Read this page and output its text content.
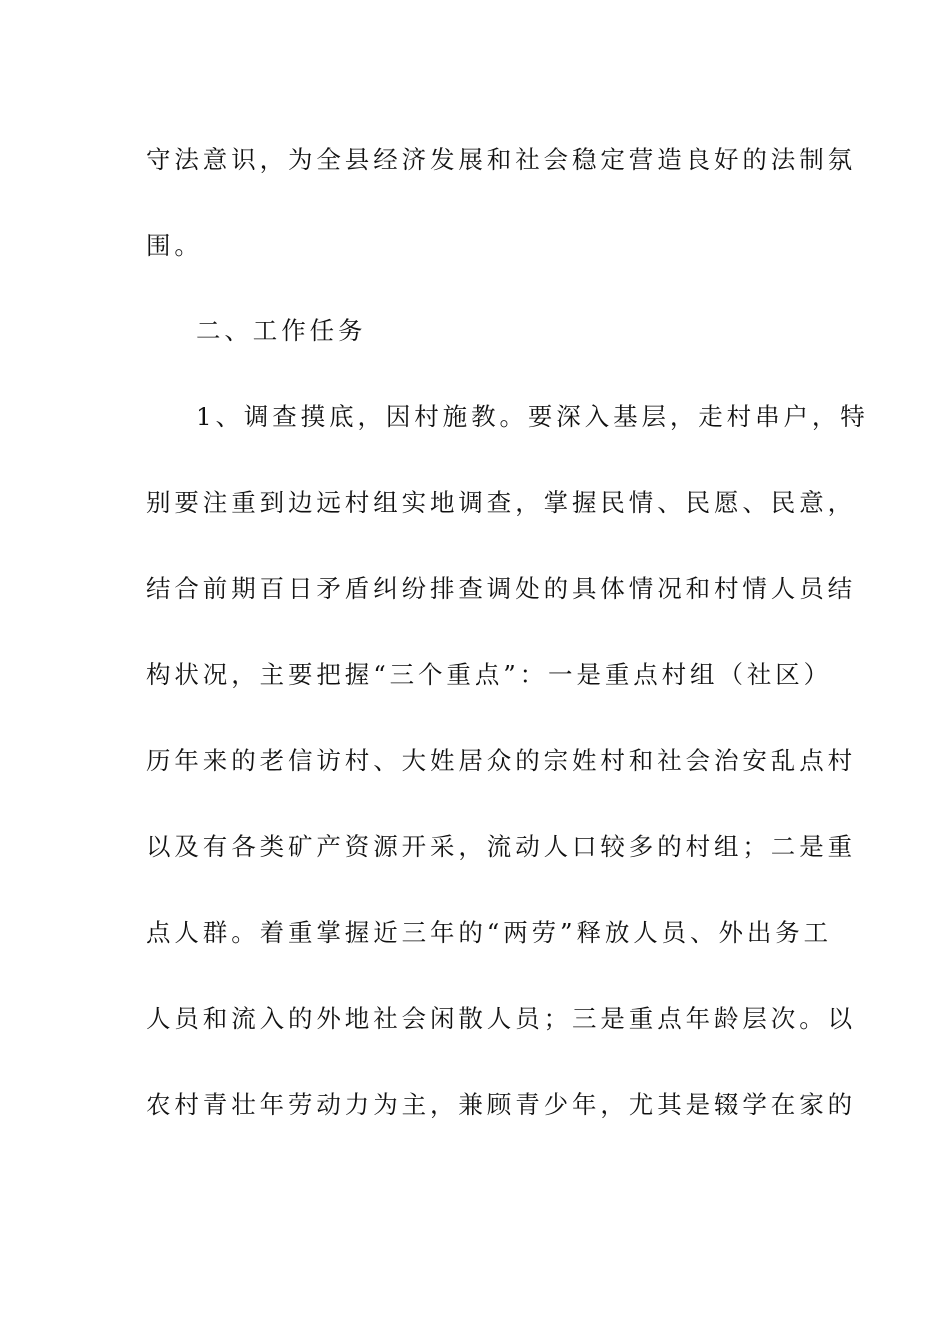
守法意识，为全县经济发展和社会稳定营造良好的法制氛
围。
二、工作任务
1、调查摸底，因村施教。要深入基层，走村串户，特
别要注重到边远村组实地调查，掌握民情、民愿、民意，
结合前期百日矛盾纠纷排查调处的具体情况和村情人员结
构状况，主要把握“三个重点”：一是重点村组（社区）
历年来的老信访村、大姓居众的宗姓村和社会治安乱点村
以及有各类矿产资源开采，流动人口较多的村组；二是重
点人群。着重掌握近三年的“两劳”释放人员、外出务工
人员和流入的外地社会闲散人员；三是重点年龄层次。以
农村青壮年劳动力为主，兼顾青少年，尤其是辍学在家的
